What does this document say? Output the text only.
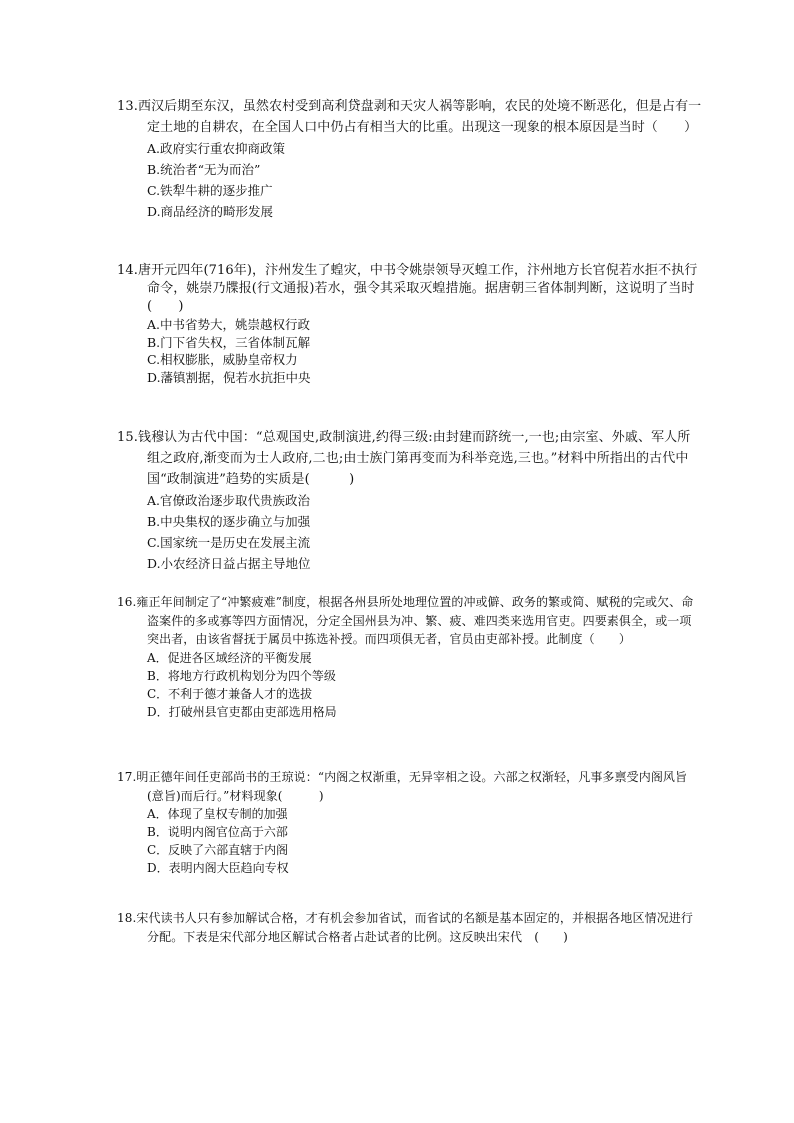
13.西汉后期至东汉，虽然农村受到高利贷盘剥和天灾人祸等影响，农民的处境不断恶化，但是占有一定土地的自耕农，在全国人口中仍占有相当大的比重。出现这一现象的根本原因是当时（　　）
A.政府实行重农抑商政策
B.统治者“无为而治”
C.铁犁牛耕的逐步推广
D.商品经济的畸形发展
14.唐开元四年(716年)，汴州发生了蝗灾，中书令姚崇领导灭蝗工作，汴州地方长官倪若水拒不执行命令，姚崇乃牒报(行文通报)若水，强令其采取灭蝗措施。据唐朝三省体制判断，这说明了当时(　　)
A.中书省势大，姚崇越权行政
B.门下省失权，三省体制瓦解
C.相权膨胀，威胁皇帝权力
D.藩镇割据，倪若水抗拒中央
15.钱穆认为古代中国：“总观国史,政制演进,约得三级:由封建而跻统一,一也;由宗室、外戚、军人所组之政府,渐变而为士人政府,二也;由士族门第再变而为科举竞选,三也。”材料中所指出的古代中国“政制演进”趋势的实质是(　　　)
A.官僚政治逐步取代贵族政治
B.中央集权的逐步确立与加强
C.国家统一是历史在发展主流
D.小农经济日益占据主导地位
16.雍正年间制定了“冲繁疲难”制度，根据各州县所处地理位置的冲或僻、政务的繁或简、赋税的完或欠、命盗案件的多或寡等四方面情况，分定全国州县为冲、繁、疲、难四类来选用官吏。四要素俱全，或一项突出者，由该省督抚于属员中拣选补授。而四项俱无者，官员由吏部补授。此制度（　　）
A．促进各区域经济的平衡发展
B．将地方行政机构划分为四个等级
C．不利于德才兼备人才的选拔
D．打破州县官吏都由吏部选用格局
17.明正德年间任吏部尚书的王琼说：“内阁之权渐重，无异宰相之设。六部之权渐轻，凡事多禀受内阁风旨(意旨)而后行。”材料现象(　　　)
A．体现了皇权专制的加强
B．说明内阁官位高于六部
C．反映了六部直辖于内阁
D．表明内阁大臣趋向专权
18.宋代读书人只有参加解试合格，才有机会参加省试，而省试的名额是基本固定的，并根据各地区情况进行分配。下表是宋代部分地区解试合格者占赴试者的比例。这反映出宋代　(　　)
